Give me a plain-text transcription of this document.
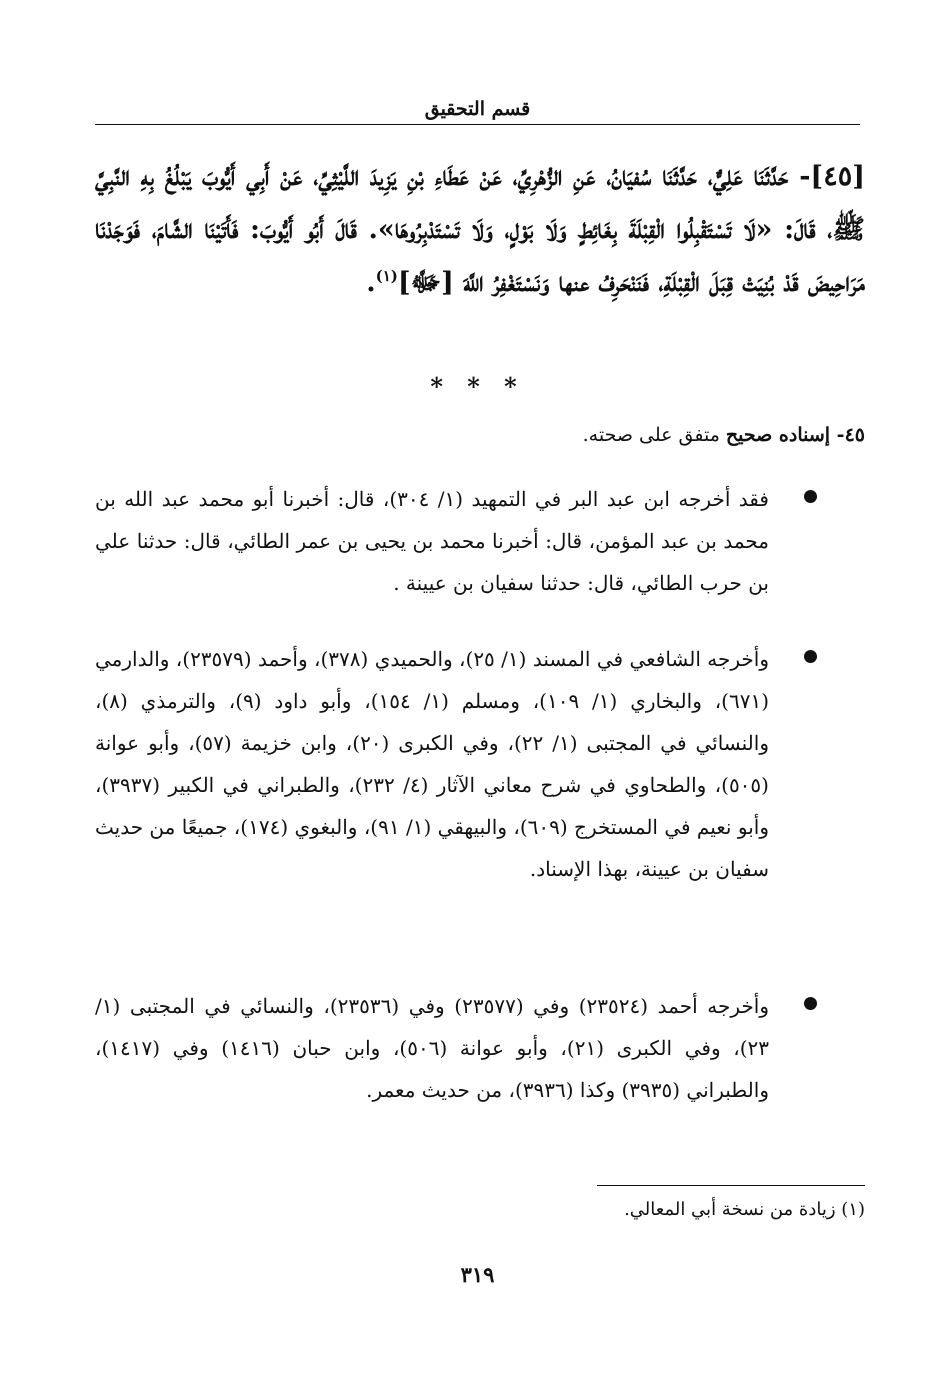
قسم التحقيق
[٤٥]- حَدَّثَنَا عَلِيٌّ، حَدَّثَنَا سُفيَانُ، عَنِ الزُّهْرِيِّ، عَنْ عَطَاءِ بْنِ يَزِيدَ اللَّيْثِيِّ، عَنْ أَبِي أَيُّوبَ يَبْلُغُ بِهِ النَّبِيَّ ﷺ، قَالَ: «لَا تَسْتَقْبِلُوا الْقِبْلَةَ بِغَائِطٍ وَلَا بَوْلٍ، وَلَا تَسْتَدْبِرُوهَا». قَالَ أَبُو أَيُّوبَ: فَأَتَيْنَا الشَّامَ، فَوَجَدْنَا مَرَاحِيضَ قَدْ بُنِيَتْ قِبَلَ الْقِبْلَةِ، فَنَنْحَرِفُ عنها وَنَسْتَغْفِرُ اللَّهَ [ﷻ]$^{(١)}$.
* * *
٤٥- إسناده صحيح متفق على صحته.
فقد أخرجه ابن عبد البر في التمهيد (١/ ٣٠٤)، قال: أخبرنا أبو محمد عبد الله بن محمد بن عبد المؤمن، قال: أخبرنا محمد بن يحيى بن عمر الطائي، قال: حدثنا علي بن حرب الطائي، قال: حدثنا سفيان بن عيينة .
وأخرجه الشافعي في المسند (١/ ٢٥)، والحميدي (٣٧٨)، وأحمد (٢٣٥٧٩)، والدارمي (٦٧١)، والبخاري (١/ ١٠٩)، ومسلم (١/ ١٥٤)، وأبو داود (٩)، والترمذي (٨)، والنسائي في المجتبى (١/ ٢٢)، وفي الكبرى (٢٠)، وابن خزيمة (٥٧)، وأبو عوانة (٥٠٥)، والطحاوي في شرح معاني الآثار (٤/ ٢٣٢)، والطبراني في الكبير (٣٩٣٧)، وأبو نعيم في المستخرج (٦٠٩)، والبيهقي (١/ ٩١)، والبغوي (١٧٤)، جميعًا من حديث سفيان بن عيينة، بهذا الإسناد.
وأخرجه أحمد (٢٣٥٢٤) وفي (٢٣٥٧٧) وفي (٢٣٥٣٦)، والنسائي في المجتبى (١/ ٢٣)، وفي الكبرى (٢١)، وأبو عوانة (٥٠٦)، وابن حبان (١٤١٦) وفي (١٤١٧)، والطبراني (٣٩٣٥) وكذا (٣٩٣٦)، من حديث معمر.
(١) زيادة من نسخة أبي المعالي.
٣١٩
